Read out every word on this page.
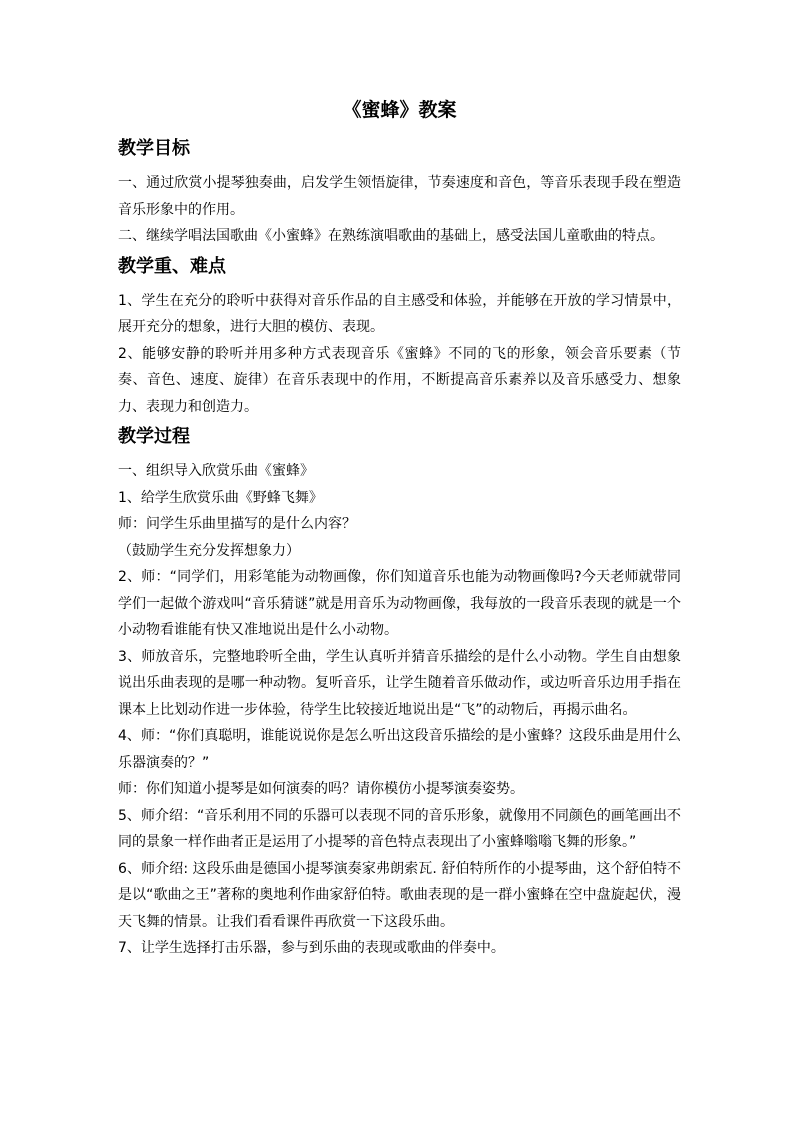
《蜜蜂》教案
教学目标

一、通过欣赏小提琴独奏曲，启发学生领悟旋律，节奏速度和音色，等音乐表现手段在塑造音乐形象中的作用。

二、继续学唱法国歌曲《小蜜蜂》在熟练演唱歌曲的基础上，感受法国儿童歌曲的特点。

教学重、难点

1、学生在充分的聆听中获得对音乐作品的自主感受和体验，并能够在开放的学习情景中，展开充分的想象，进行大胆的模仿、表现。

2、能够安静的聆听并用多种方式表现音乐《蜜蜂》不同的飞的形象，领会音乐要素（节奏、音色、速度、旋律）在音乐表现中的作用，不断提高音乐素养以及音乐感受力、想象力、表现力和创造力。

教学过程

一、组织导入欣赏乐曲《蜜蜂》

1、给学生欣赏乐曲《野蜂飞舞》

师：问学生乐曲里描写的是什么内容？

（鼓励学生充分发挥想象力）

2、师：“同学们，用彩笔能为动物画像，你们知道音乐也能为动物画像吗?今天老师就带同学们一起做个游戏叫“音乐猜谜”就是用音乐为动物画像，我每放的一段音乐表现的就是一个小动物看谁能有快又准地说出是什么小动物。

3、师放音乐，完整地聆听全曲，学生认真听并猜音乐描绘的是什么小动物。学生自由想象说出乐曲表现的是哪一种动物。复听音乐，让学生随着音乐做动作，或边听音乐边用手指在课本上比划动作进一步体验，待学生比较接近地说出是“飞”的动物后，再揭示曲名。

4、师：“你们真聪明，谁能说说你是怎么听出这段音乐描绘的是小蜜蜂？这段乐曲是用什么乐器演奏的？”

师：你们知道小提琴是如何演奏的吗？请你模仿小提琴演奏姿势。

5、师介绍：“音乐利用不同的乐器可以表现不同的音乐形象，就像用不同颜色的画笔画出不同的景象一样作曲者正是运用了小提琴的音色特点表现出了小蜜蜂嗡嗡飞舞的形象。”

6、师介绍: 这段乐曲是德国小提琴演奏家弗朗索瓦. 舒伯特所作的小提琴曲，这个舒伯特不是以“歌曲之王”著称的奥地利作曲家舒伯特。歌曲表现的是一群小蜜蜂在空中盘旋起伏，漫天飞舞的情景。让我们看看课件再欣赏一下这段乐曲。

7、让学生选择打击乐器，参与到乐曲的表现或歌曲的伴奏中。
